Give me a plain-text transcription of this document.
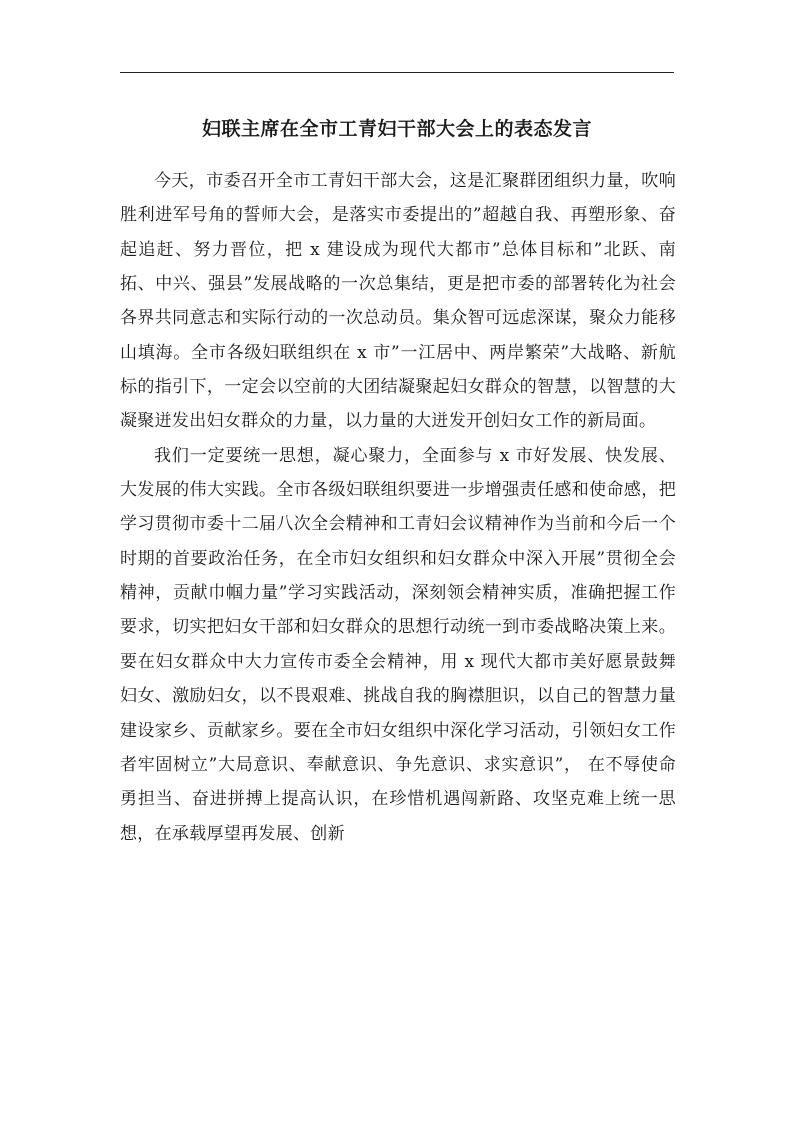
妇联主席在全市工青妇干部大会上的表态发言

今天，市委召开全市工青妇干部大会，这是汇聚群团组织力量，吹响胜利进军号角的誓师大会，是落实市委提出的”超越自我、再塑形象、奋起追赶、努力晋位，把 x 建设成为现代大都市”总体目标和”北跃、南拓、中兴、强县”发展战略的一次总集结，更是把市委的部署转化为社会各界共同意志和实际行动的一次总动员。集众智可远虑深谋，聚众力能移山填海。全市各级妇联组织在 x 市”一江居中、两岸繁荣”大战略、新航标的指引下，一定会以空前的大团结凝聚起妇女群众的智慧，以智慧的大凝聚迸发出妇女群众的力量，以力量的大迸发开创妇女工作的新局面。

我们一定要统一思想，凝心聚力，全面参与 x 市好发展、快发展、大发展的伟大实践。全市各级妇联组织要进一步增强责任感和使命感，把学习贯彻市委十二届八次全会精神和工青妇会议精神作为当前和今后一个时期的首要政治任务，在全市妇女组织和妇女群众中深入开展”贯彻全会精神，贡献巾帼力量”学习实践活动，深刻领会精神实质，准确把握工作要求，切实把妇女干部和妇女群众的思想行动统一到市委战略决策上来。要在妇女群众中大力宣传市委全会精神，用 x 现代大都市美好愿景鼓舞妇女、激励妇女，以不畏艰难、挑战自我的胸襟胆识，以自己的智慧力量建设家乡、贡献家乡。要在全市妇女组织中深化学习活动，引领妇女工作者牢固树立”大局意识、奉献意识、争先意识、求实意识”， 在不辱使命勇担当、奋进拼搏上提高认识，在珍惜机遇闯新路、攻坚克难上统一思想，在承载厚望再发展、创新
